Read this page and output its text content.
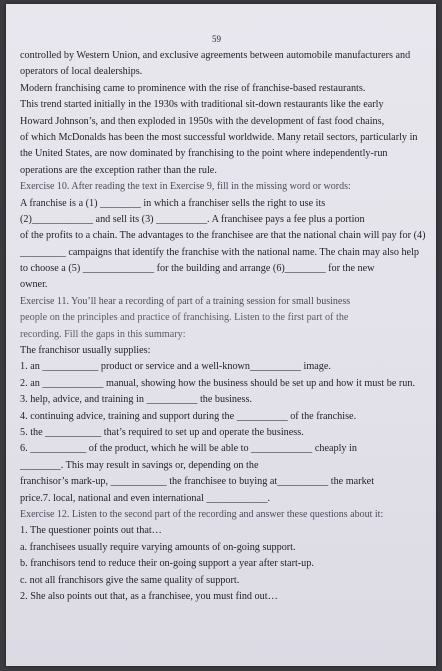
59
controlled by Western Union, and exclusive agreements between automobile manufacturers and
operators of local dealerships.
Modern franchising came to prominence with the rise of franchise-based restaurants.
This trend started initially in the 1930s with traditional sit-down restaurants like the early
Howard Johnson’s, and then exploded in 1950s with the development of fast food chains,
of which McDonalds has been the most successful worldwide. Many retail sectors, particularly in
the United States, are now dominated by franchising to the point where independently-run
operations are the exception rather than the rule.
Exercise 10. After reading the text in Exercise 9, fill in the missing word or words:
A franchise is a (1) ________ in which a franchiser sells the right to use its
(2)____________ and sell its (3) __________. A franchisee pays a fee plus a portion
of the profits to a chain. The advantages to the franchisee are that the national chain will pay for (4)
_________ campaigns that identify the franchise with the national name. The chain may also help
to choose a (5) ______________ for the building and arrange (6)________ for the new
owner.
Exercise 11. You’ll hear a recording of part of a training session for small business
people on the principles and practice of franchising. Listen to the first part of the
recording. Fill the gaps in this summary:
The franchisor usually supplies:
1. an ___________ product or service and a well-known__________ image.
2. an ____________ manual, showing how the business should be set up and how it must be run.
3. help, advice, and training in __________ the business.
4. continuing advice, training and support during the __________ of the franchise.
5. the ___________ that’s required to set up and operate the business.
6. ___________ of the product, which he will be able to ____________ cheaply in
________. This may result in savings or, depending on the
franchisor’s mark-up, ___________ the franchisee to buying at__________ the market
price.7. local, national and even international ____________.
Exercise 12. Listen to the second part of the recording and answer these questions about it:
1. The questioner points out that…
a. franchisees usually require varying amounts of on-going support.
b. franchisors tend to reduce their on-going support a year after start-up.
c. not all franchisors give the same quality of support.
2. She also points out that, as a franchisee, you must find out…
